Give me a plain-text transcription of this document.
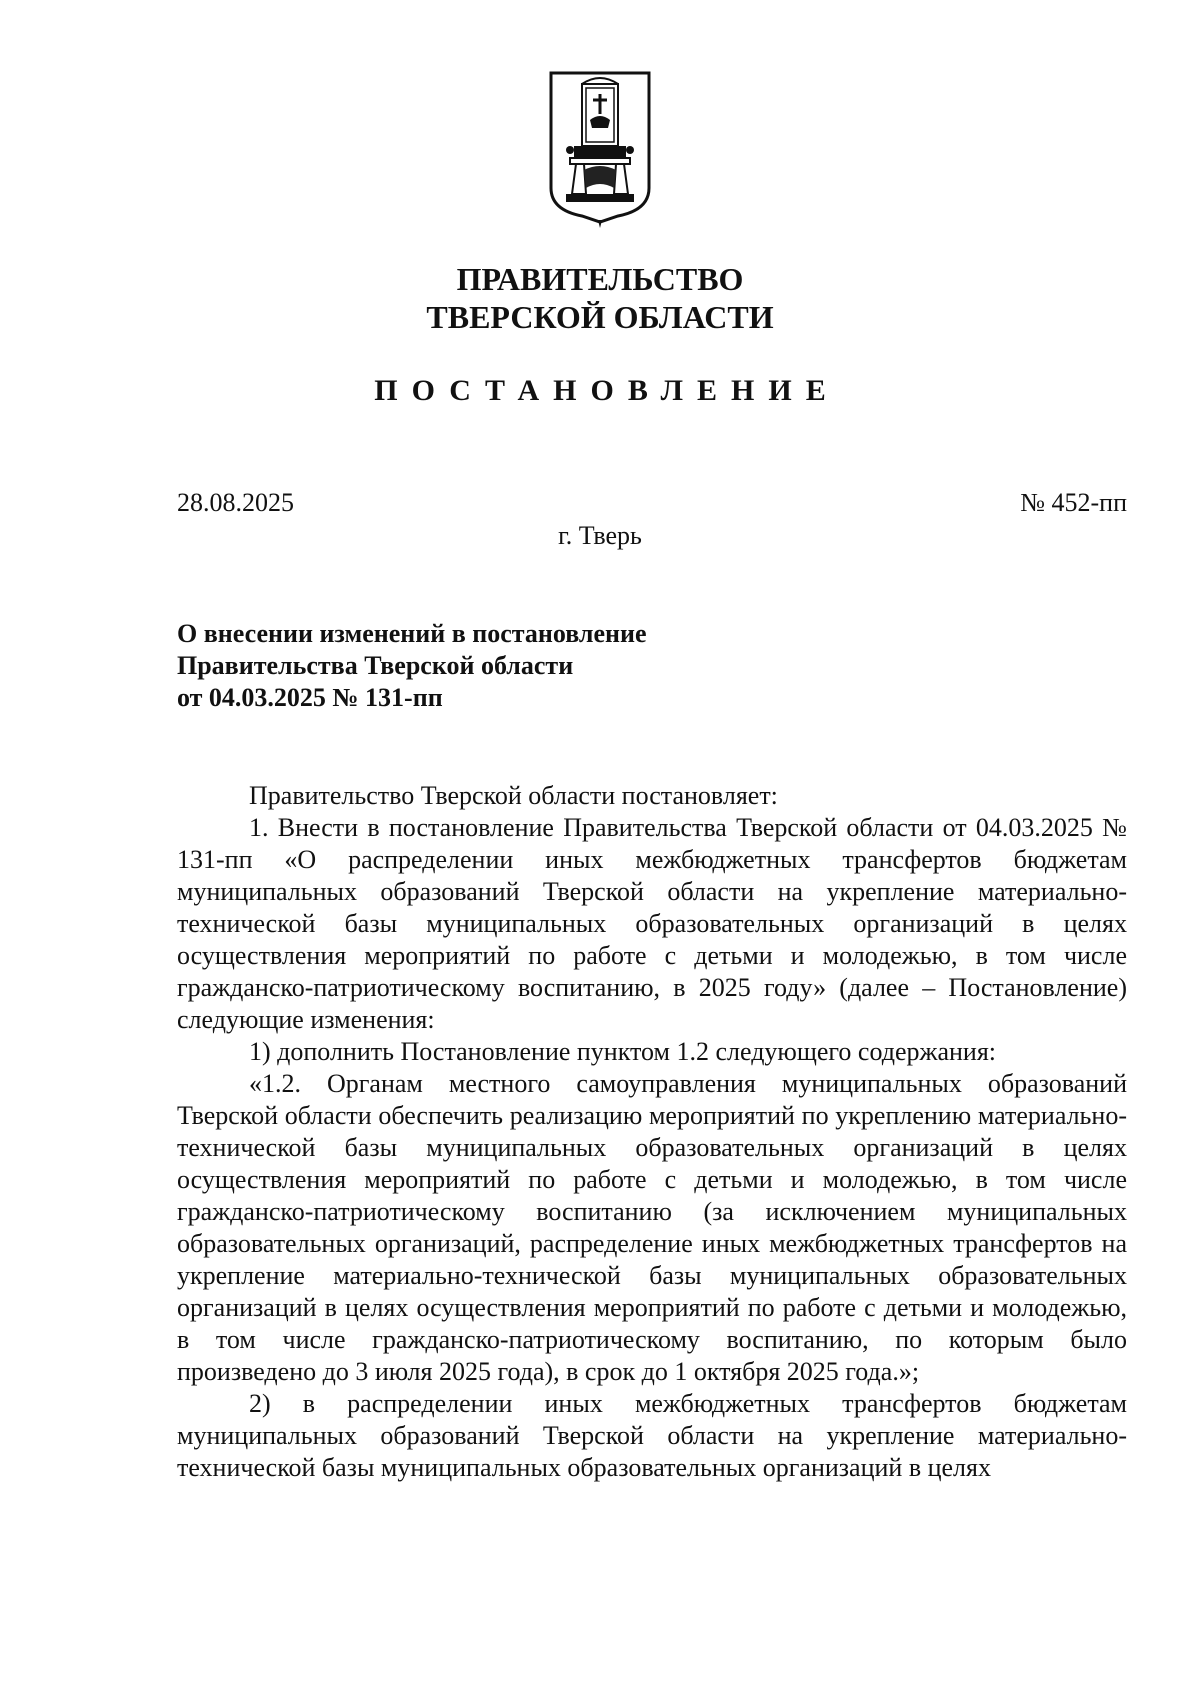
ПРАВИТЕЛЬСТВО
ТВЕРСКОЙ ОБЛАСТИ
ПОСТАНОВЛЕНИЕ
28.08.2025	№ 452-пп
г. Тверь
О внесении изменений в постановление
Правительства Тверской области
от 04.03.2025 № 131-пп

Правительство Тверской области постановляет:

1. Внести в постановление Правительства Тверской области от 04.03.2025 № 131-пп «О распределении иных межбюджетных трансфертов бюджетам муниципальных образований Тверской области на укрепление материально-технической базы муниципальных образовательных организаций в целях осуществления мероприятий по работе с детьми и молодежью, в том числе гражданско-патриотическому воспитанию, в 2025 году» (далее – Постановление) следующие изменения:

1) дополнить Постановление пунктом 1.2 следующего содержания:

«1.2. Органам местного самоуправления муниципальных образований Тверской области обеспечить реализацию мероприятий по укреплению материально-технической базы муниципальных образовательных организаций в целях осуществления мероприятий по работе с детьми и молодежью, в том числе гражданско-патриотическому воспитанию (за исключением муниципальных образовательных организаций, распределение иных межбюджетных трансфертов на укрепление материально-технической базы муниципальных образовательных организаций в целях осуществления мероприятий по работе с детьми и молодежью, в том числе гражданско-патриотическому воспитанию, по которым было произведено до 3 июля 2025 года), в срок до 1 октября 2025 года.»;

2) в распределении иных межбюджетных трансфертов бюджетам муниципальных образований Тверской области на укрепление материально-технической базы муниципальных образовательных организаций в целях
